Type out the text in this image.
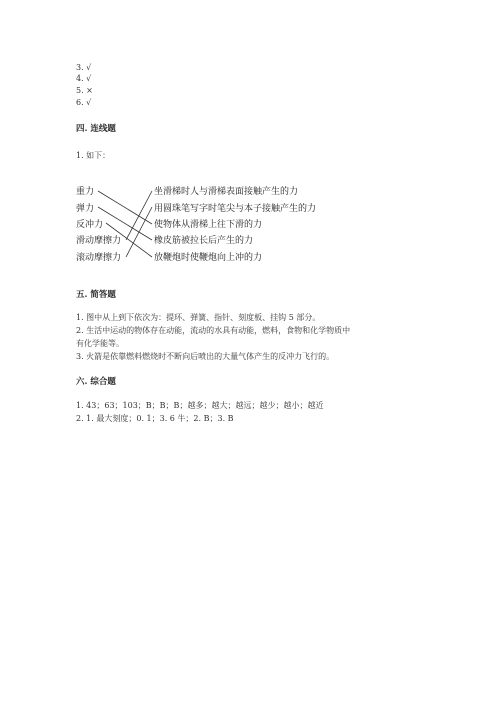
3. √
4. √
5. ×
6. √
四. 连线题
1. 如下：
重力
弹力
反冲力
滑动摩擦力
滚动摩擦力
坐滑梯时人与滑梯表面接触产生的力
用圆珠笔写字时笔尖与本子接触产生的力
使物体从滑梯上往下滑的力
橡皮筋被拉长后产生的力
放鞭炮时使鞭炮向上冲的力
五. 简答题
1. 图中从上到下依次为：提环、弹簧、指针、刻度板、挂钩 5 部分。
2. 生活中运动的物体存在动能，流动的水具有动能，燃料，食物和化学物质中
有化学能等。
3. 火箭是依靠燃料燃烧时不断向后喷出的大量气体产生的反冲力飞行的。
六. 综合题
1. 43；63；103；B；B；B；越多；越大；越远；越少；越小；越近
2. 1. 最大刻度；0. 1；3. 6 牛；2. B；3. B
